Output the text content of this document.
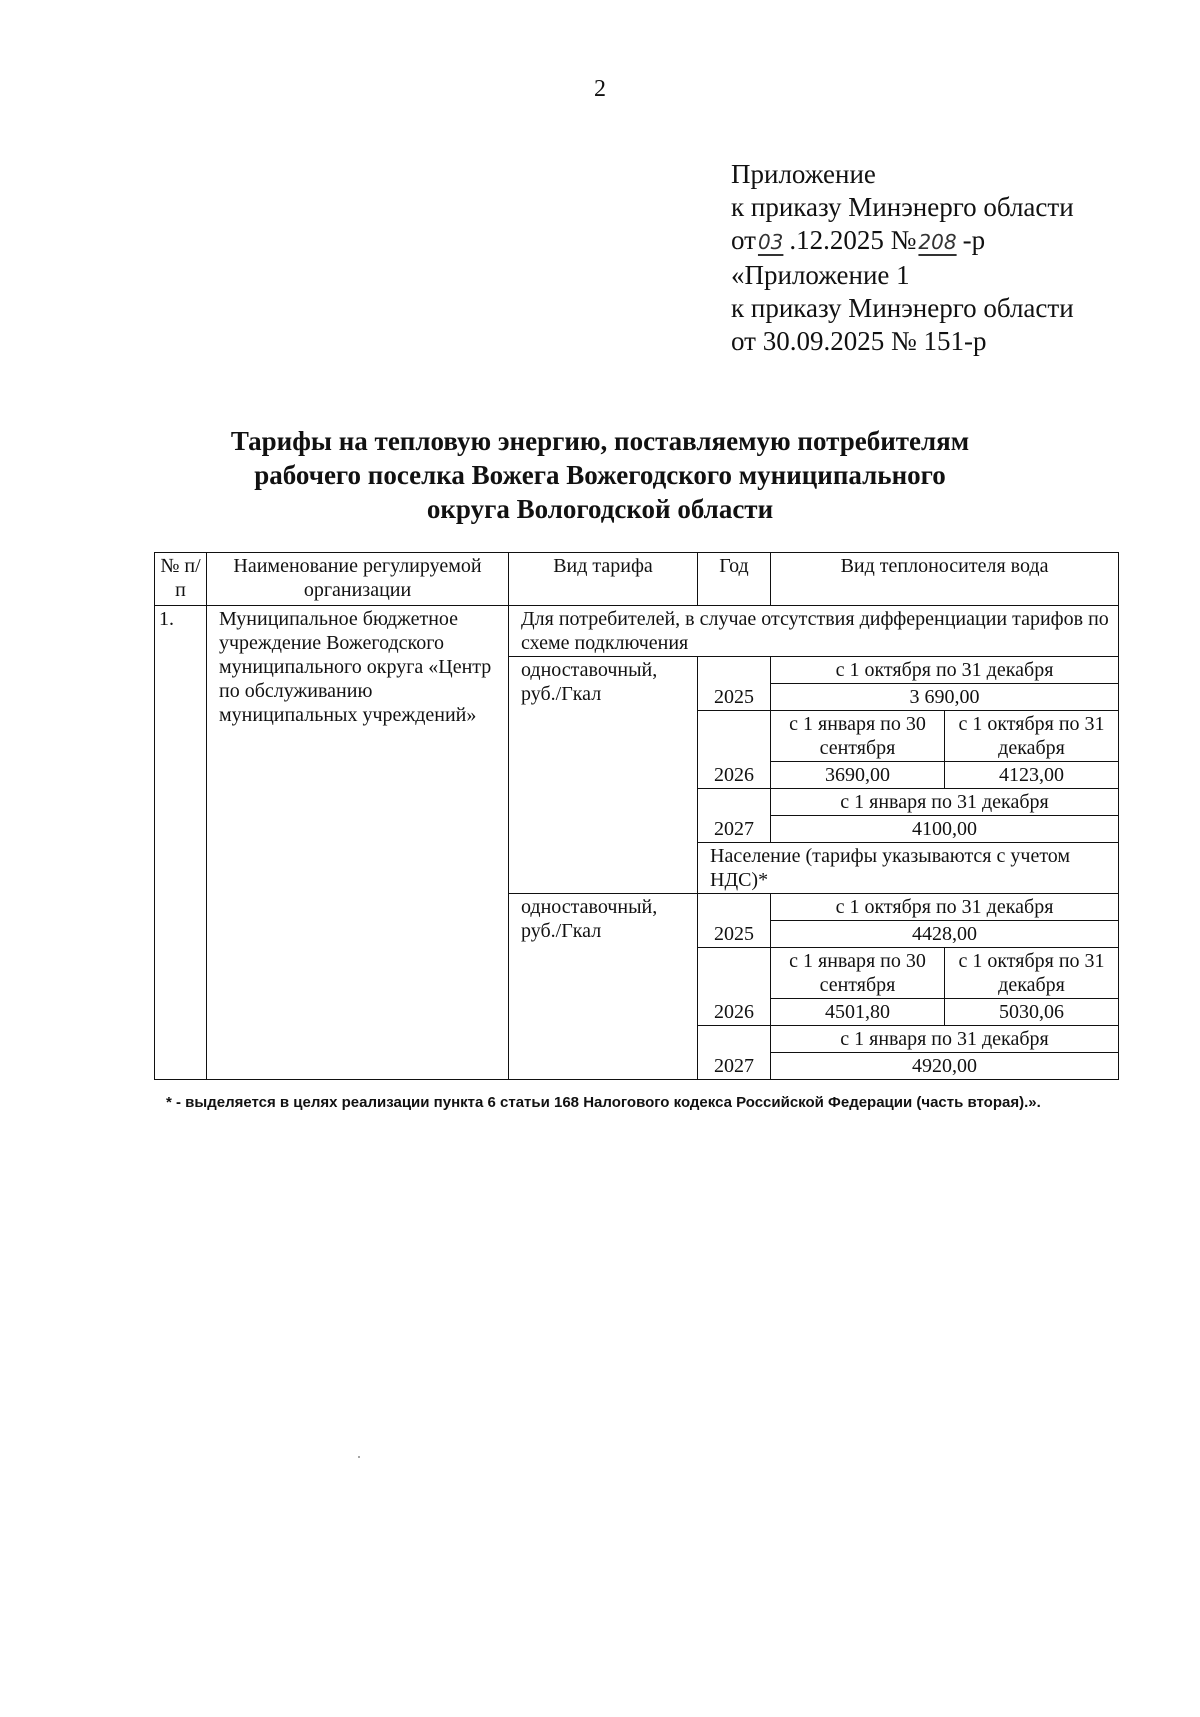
2
Приложение
к приказу Минэнерго области
от 03 .12.2025 № 208 -р
«Приложение 1
к приказу Минэнерго области
от 30.09.2025 № 151-р
Тарифы на тепловую энергию, поставляемую потребителям
рабочего поселка Вожега Вожегодского муниципального
округа Вологодской области
№ п/п	Наименование регулируемой организации	Вид тарифа	Год	Вид теплоносителя вода	
1.	Муниципальное бюджетное учреждение Вожегодского муниципального округа «Центр по обслуживанию муниципальных учреждений»	Для потребителей, в случае отсутствия дифференциации тарифов по схеме подключения			
		одноставочный, руб./Гкал		с 1 октября по 31 декабря	
			2025	3 690,00	
				с 1 января по 30 сентября	с 1 октября по 31 декабря
			2026	3690,00	4123,00
				с 1 января по 31 декабря	
			2027	4100,00	
			Население (тарифы указываются с учетом НДС)*		
		одноставочный, руб./Гкал		с 1 октября по 31 декабря	
			2025	4428,00	
				с 1 января по 30 сентября	с 1 октября по 31 декабря
			2026	4501,80	5030,06
				с 1 января по 31 декабря	
			2027	4920,00	
* - выделяется в целях реализации пункта 6 статьи 168 Налогового кодекса Российской Федерации (часть вторая).».
